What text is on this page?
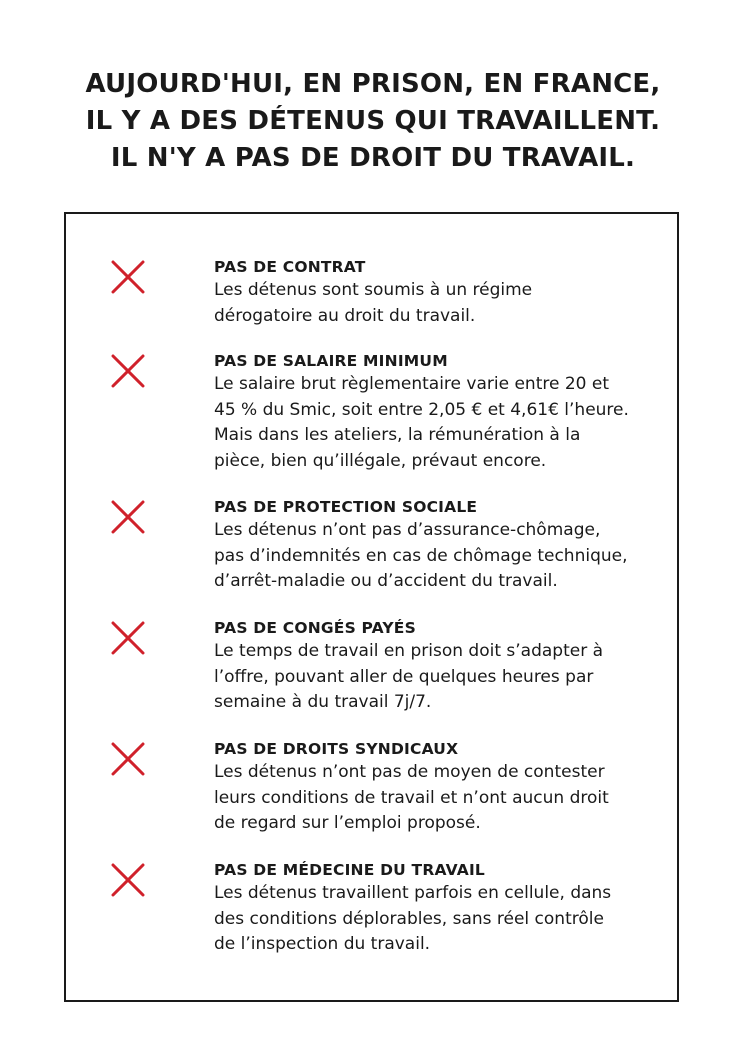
AUJOURD'HUI, EN PRISON, EN FRANCE,
IL Y A DES DÉTENUS QUI TRAVAILLENT.
IL N'Y A PAS DE DROIT DU TRAVAIL.
PAS DE CONTRAT
Les détenus sont soumis à un régime
dérogatoire au droit du travail.
PAS DE SALAIRE MINIMUM
Le salaire brut règlementaire varie entre 20 et
45 % du Smic, soit entre 2,05 € et 4,61€ l’heure.
Mais dans les ateliers, la rémunération à la
pièce, bien qu’illégale, prévaut encore.
PAS DE PROTECTION SOCIALE
Les détenus n’ont pas d’assurance-chômage,
pas d’indemnités en cas de chômage technique,
d’arrêt-maladie ou d’accident du travail.
PAS DE CONGÉS PAYÉS
Le temps de travail en prison doit s’adapter à
l’offre, pouvant aller de quelques heures par
semaine à du travail 7j/7.
PAS DE DROITS SYNDICAUX
Les détenus n’ont pas de moyen de contester
leurs conditions de travail et n’ont aucun droit
de regard sur l’emploi proposé.
PAS DE MÉDECINE DU TRAVAIL
Les détenus travaillent parfois en cellule, dans
des conditions déplorables, sans réel contrôle
de l’inspection du travail.
